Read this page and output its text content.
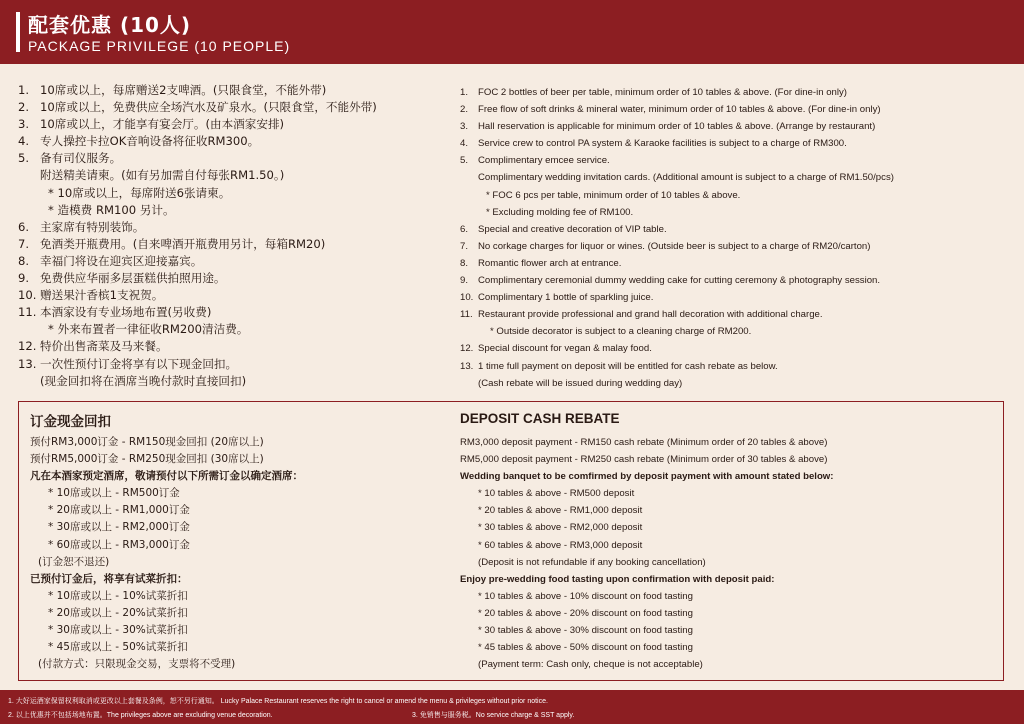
配套优惠 (10人)
PACKAGE PRIVILEGE (10 PEOPLE)
1. 10席或以上，每席赠送2支啤酒。(只限食堂，不能外带)
2. 10席或以上，免费供应全场汽水及矿泉水。(只限食堂，不能外带)
3. 10席或以上，才能享有宴会厅。(由本酒家安排)
4. 专人操控卡拉OK音响设备将征收RM300。
5. 备有司仪服务。
附送精美请柬。(如有另加需自付每张RM1.50。)
* 10席或以上，每席附送6张请柬。
* 造模费 RM100 另计。
6. 主家席有特别装饰。
7. 免酒类开瓶费用。(自来啤酒开瓶费用另计，每箱RM20)
8. 幸福门将设在迎宾区迎接嘉宾。
9. 免费供应华丽多层蛋糕供拍照用途。
10. 赠送果汁香槟1支祝贺。
11. 本酒家设有专业场地布置(另收费)
* 外来布置者一律征收RM200清洁费。
12. 特价出售斋菜及马来餐。
13. 一次性预付订金将享有以下现金回扣。
(现金回扣将在酒席当晚付款时直接回扣)
1. FOC 2 bottles of beer per table, minimum order of 10 tables & above. (For dine-in only)
2. Free flow of soft drinks & mineral water, minimum order of 10 tables & above. (For dine-in only)
3. Hall reservation is applicable for minimum order of 10 tables & above. (Arrange by restaurant)
4. Service crew to control PA system & Karaoke facilities is subject to a charge of RM300.
5. Complimentary emcee service.
Complimentary wedding invitation cards. (Additional amount is subject to a charge of RM1.50/pcs)
* FOC 6 pcs per table, minimum order of 10 tables & above.
* Excluding molding fee of RM100.
6. Special and creative decoration of VIP table.
7. No corkage charges for liquor or wines. (Outside beer is subject to a charge of RM20/carton)
8. Romantic flower arch at entrance.
9. Complimentary ceremonial dummy wedding cake for cutting ceremony & photography session.
10. Complimentary 1 bottle of sparkling juice.
11. Restaurant provide professional and grand hall decoration with additional charge.
* Outside decorator is subject to a cleaning charge of RM200.
12. Special discount for vegan & malay food.
13. 1 time full payment on deposit will be entitled for cash rebate as below.
(Cash rebate will be issued during wedding day)
订金现金回扣	DEPOSIT CASH REBATE
预付RM3,000订金 - RM150现金回扣 (20席以上)
预付RM5,000订金 - RM250现金回扣 (30席以上)
凡在本酒家预定酒席，敬请预付以下所需订金以确定酒席：
* 10席或以上 - RM500订金
* 20席或以上 - RM1,000订金
* 30席或以上 - RM2,000订金
* 60席或以上 - RM3,000订金
(订金恕不退还)
已预付订金后，将享有试菜折扣：
* 10席或以上 - 10%试菜折扣
* 20席或以上 - 20%试菜折扣
* 30席或以上 - 30%试菜折扣
* 45席或以上 - 50%试菜折扣
(付款方式：只限现金交易，支票将不受理)
RM3,000 deposit payment - RM150 cash rebate (Minimum order of 20 tables & above)
RM5,000 deposit payment - RM250 cash rebate (Minimum order of 30 tables & above)
Wedding banquet to be comfirmed by deposit payment with amount stated below:
* 10 tables & above - RM500 deposit
* 20 tables & above - RM1,000 deposit
* 30 tables & above - RM2,000 deposit
* 60 tables & above - RM3,000 deposit
(Deposit is not refundable if any booking cancellation)
Enjoy pre-wedding food tasting upon confirmation with deposit paid:
* 10 tables & above - 10% discount on food tasting
* 20 tables & above - 20% discount on food tasting
* 30 tables & above - 30% discount on food tasting
* 45 tables & above - 50% discount on food tasting
(Payment term: Cash only, cheque is not acceptable)
1. 大好运酒家保留权利取消或更改以上套餐及条例，恕不另行通知。 Lucky Palace Restaurant reserves the right to cancel or amend the menu & privileges without prior notice.
2. 以上优惠并不包括场地布置。The privileges above are excluding venue decoration.	3. 免销售与服务税。No service charge & SST apply.
